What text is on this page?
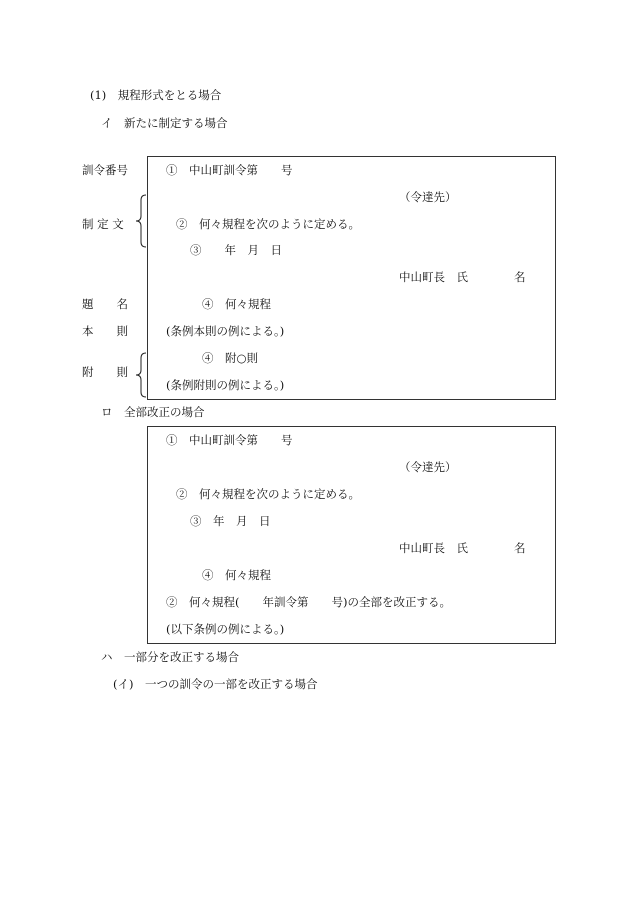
(1)　規程形式をとる場合
イ　新たに制定する場合
訓令番号
制 定 文
題　　名
本　　則
附　　則
①　中山町訓令第　　号
（令達先）
②　何々規程を次のように定める。
③　　年　月　日
中山町長　氏	名
④　何々規程
(条例本則の例による。)
④　附○則
(条例附則の例による。)
ロ　全部改正の場合
①　中山町訓令第　　号
（令達先）
②　何々規程を次のように定める。
③　年　月　日
中山町長　氏	名
④　何々規程
②　何々規程(　　年訓令第　　号)の全部を改正する。
(以下条例の例による。)
ハ　一部分を改正する場合
(イ)　一つの訓令の一部を改正する場合
